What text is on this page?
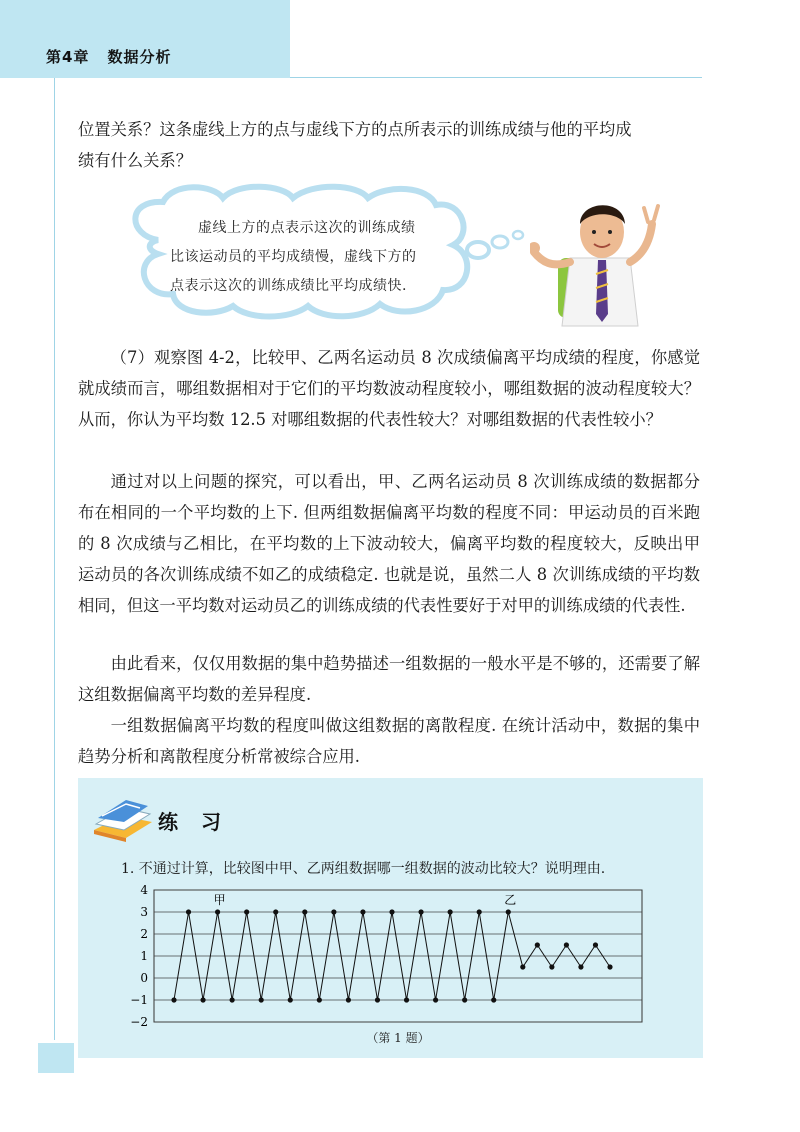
第4章 数据分析
位置关系？这条虚线上方的点与虚线下方的点所表示的训练成绩与他的平均成
绩有什么关系？
虚线上方的点表示这次的训练成绩
比该运动员的平均成绩慢，虚线下方的
点表示这次的训练成绩比平均成绩快.
（7）观察图 4-2，比较甲、乙两名运动员 8 次成绩偏离平均成绩的程度，你感觉就成绩而言，哪组数据相对于它们的平均数波动程度较小，哪组数据的波动程度较大？从而，你认为平均数 12.5 对哪组数据的代表性较大？对哪组数据的代表性较小？
通过对以上问题的探究，可以看出，甲、乙两名运动员 8 次训练成绩的数据都分布在相同的一个平均数的上下. 但两组数据偏离平均数的程度不同：甲运动员的百米跑的 8 次成绩与乙相比，在平均数的上下波动较大，偏离平均数的程度较大，反映出甲运动员的各次训练成绩不如乙的成绩稳定. 也就是说，虽然二人 8 次训练成绩的平均数相同，但这一平均数对运动员乙的训练成绩的代表性要好于对甲的训练成绩的代表性.
由此看来，仅仅用数据的集中趋势描述一组数据的一般水平是不够的，还需要了解这组数据偏离平均数的差异程度.
一组数据偏离平均数的程度叫做这组数据的离散程度. 在统计活动中，数据的集中趋势分析和离散程度分析常被综合应用.
练 习
1. 不通过计算，比较图中甲、乙两组数据哪一组数据的波动比较大？说明理由.
4
3
2
1
0
−1
−2
甲	乙
（第 1 题）
